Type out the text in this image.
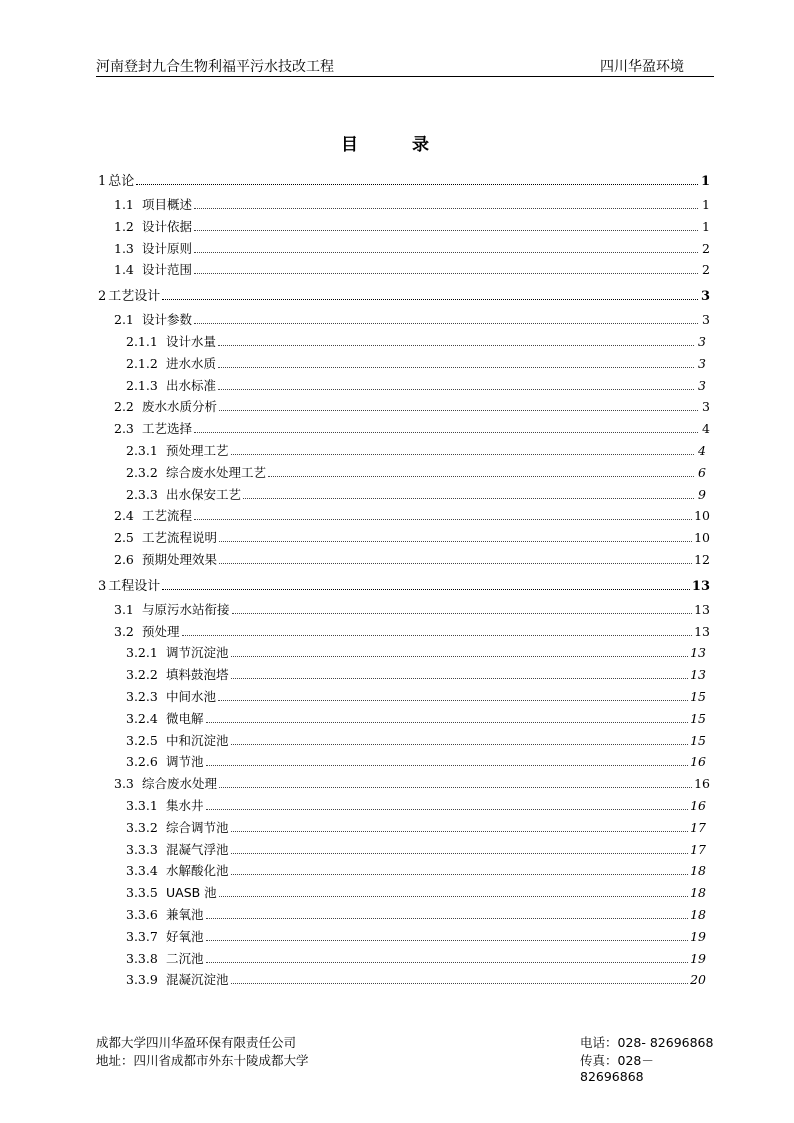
河南登封九合生物利福平污水技改工程	四川华盈环境
目 录
1 总论	1
1.1 项目概述	1
1.2 设计依据	1
1.3 设计原则	2
1.4 设计范围	2
2 工艺设计	3
2.1 设计参数	3
2.1.1 设计水量	3
2.1.2 进水水质	3
2.1.3 出水标准	3
2.2 废水水质分析	3
2.3 工艺选择	4
2.3.1 预处理工艺	4
2.3.2 综合废水处理工艺	6
2.3.3 出水保安工艺	9
2.4 工艺流程	10
2.5 工艺流程说明	10
2.6 预期处理效果	12
3 工程设计	13
3.1 与原污水站衔接	13
3.2 预处理	13
3.2.1 调节沉淀池	13
3.2.2 填料鼓泡塔	13
3.2.3 中间水池	15
3.2.4 微电解	15
3.2.5 中和沉淀池	15
3.2.6 调节池	16
3.3 综合废水处理	16
3.3.1 集水井	16
3.3.2 综合调节池	17
3.3.3 混凝气浮池	17
3.3.4 水解酸化池	18
3.3.5 UASB 池	18
3.3.6 兼氧池	18
3.3.7 好氧池	19
3.3.8 二沉池	19
3.3.9 混凝沉淀池	20
成都大学四川华盈环保有限责任公司	电话：028- 82696868
地址：四川省成都市外东十陵成都大学	传真：028－82696868
